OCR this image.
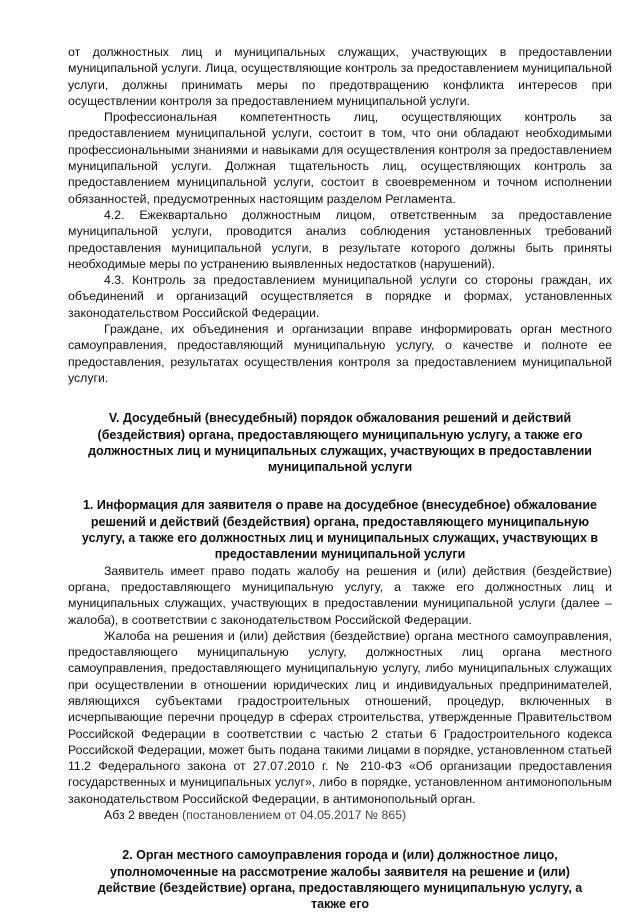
от должностных лиц и муниципальных служащих, участвующих в предоставлении муниципальной услуги. Лица, осуществляющие контроль за предоставлением муниципальной услуги, должны принимать меры по предотвращению конфликта интересов при осуществлении контроля за предоставлением муниципальной услуги.

Профессиональная компетентность лиц, осуществляющих контроль за предоставлением муниципальной услуги, состоит в том, что они обладают необходимыми профессиональными знаниями и навыками для осуществления контроля за предоставлением муниципальной услуги. Должная тщательность лиц, осуществляющих контроль за предоставлением муниципальной услуги, состоит в своевременном и точном исполнении обязанностей, предусмотренных настоящим разделом Регламента.

4.2. Ежеквартально должностным лицом, ответственным за предоставление муниципальной услуги, проводится анализ соблюдения установленных требований предоставления муниципальной услуги, в результате которого должны быть приняты необходимые меры по устранению выявленных недостатков (нарушений).

4.3. Контроль за предоставлением муниципальной услуги со стороны граждан, их объединений и организаций осуществляется в порядке и формах, установленных законодательством Российской Федерации.

Граждане, их объединения и организации вправе информировать орган местного самоуправления, предоставляющий муниципальную услугу, о качестве и полноте ее предоставления, результатах осуществления контроля за предоставлением муниципальной услуги.

V. Досудебный (внесудебный) порядок обжалования решений и действий (бездействия) органа, предоставляющего муниципальную услугу, а также его должностных лиц и муниципальных служащих, участвующих в предоставлении муниципальной услуги
1. Информация для заявителя о праве на досудебное (внесудебное) обжалование решений и действий (бездействия) органа, предоставляющего муниципальную услугу, а также его должностных лиц и муниципальных служащих, участвующих в предоставлении муниципальной услуги

Заявитель имеет право подать жалобу на решения и (или) действия (бездействие) органа, предоставляющего муниципальную услугу, а также его должностных лиц и муниципальных служащих, участвующих в предоставлении муниципальной услуги (далее – жалоба), в соответствии с законодательством Российской Федерации.

Жалоба на решения и (или) действия (бездействие) органа местного самоуправления, предоставляющего муниципальную услугу, должностных лиц органа местного самоуправления, предоставляющего муниципальную услугу, либо муниципальных служащих при осуществлении в отношении юридических лиц и индивидуальных предпринимателей, являющихся субъектами градостроительных отношений, процедур, включенных в исчерпывающие перечни процедур в сферах строительства, утвержденные Правительством Российской Федерации в соответствии с частью 2 статьи 6 Градостроительного кодекса Российской Федерации, может быть подана такими лицами в порядке, установленном статьей 11.2 Федерального закона от 27.07.2010 г. № 210-ФЗ «Об организации предоставления государственных и муниципальных услуг», либо в порядке, установленном антимонопольным законодательством Российской Федерации, в антимонопольный орган.

Абз 2 введен (постановлением от 04.05.2017 № 865)

2. Орган местного самоуправления города и (или) должностное лицо, уполномоченные на рассмотрение жалобы заявителя на решение и (или) действие (бездействие) органа, предоставляющего муниципальную услугу, а также его
